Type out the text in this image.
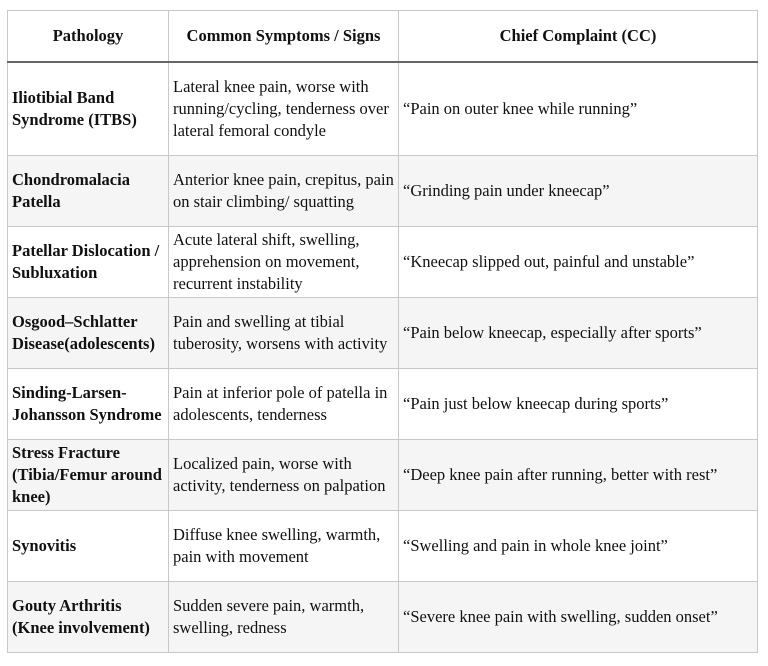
Pathology	Common Symptoms / Signs	Chief Complaint (CC)
Iliotibial Band Syndrome (ITBS)	Lateral knee pain, worse with running/cycling, tenderness over lateral femoral condyle	“Pain on outer knee while running”
Chondromalacia Patella	Anterior knee pain, crepitus, pain on stair climbing/ squatting	“Grinding pain under kneecap”
Patellar Dislocation / Subluxation	Acute lateral shift, swelling, apprehension on movement, recurrent instability	“Kneecap slipped out, painful and unstable”
Osgood–Schlatter Disease(adolescents)	Pain and swelling at tibial tuberosity, worsens with activity	“Pain below kneecap, especially after sports”
Sinding-Larsen-Johansson Syndrome	Pain at inferior pole of patella in adolescents, tenderness	“Pain just below kneecap during sports”
Stress Fracture (Tibia/Femur around knee)	Localized pain, worse with activity, tenderness on palpation	“Deep knee pain after running, better with rest”
Synovitis	Diffuse knee swelling, warmth, pain with movement	“Swelling and pain in whole knee joint”
Gouty Arthritis (Knee involvement)	Sudden severe pain, warmth, swelling, redness	“Severe knee pain with swelling, sudden onset”
